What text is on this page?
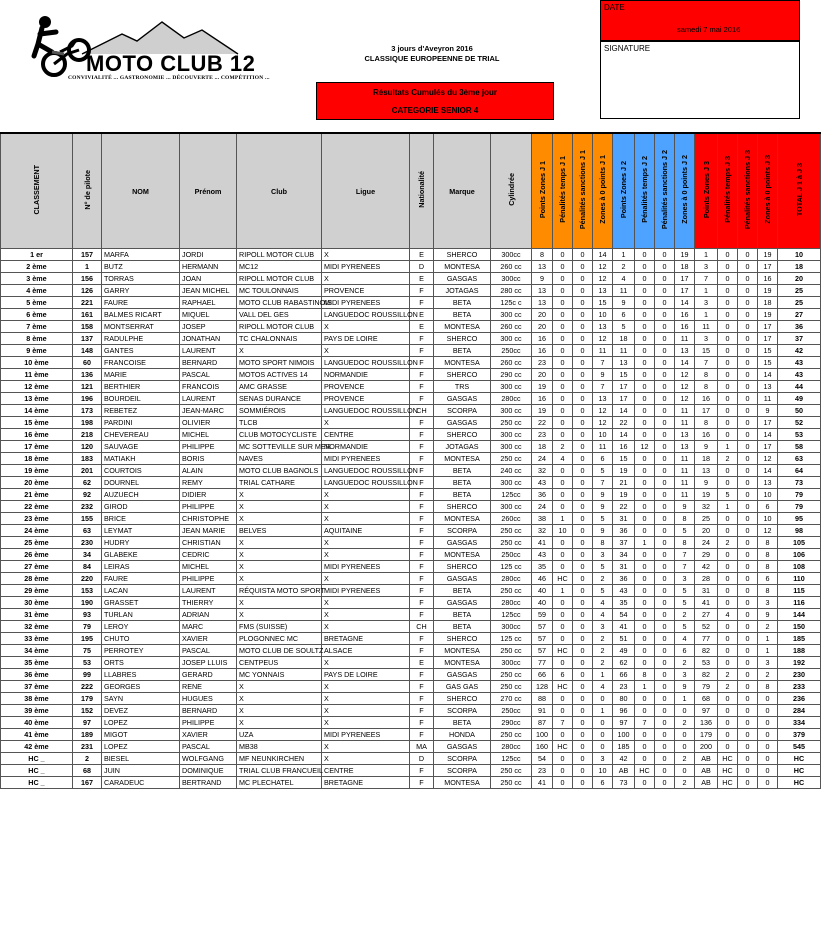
MOTO CLUB 12
CONVIVIALITÉ ... GASTRONOMIE ... DÉCOUVERTE ... COMPÉTITION ...
3 jours d'Aveyron 2016
CLASSIQUE EUROPEENNE DE TRIAL
Résultats Cumulés du 3ème jour
CATEGORIE SENIOR 4
DATE
samedi 7 mai 2016
SIGNATURE
CLASSEMENT	N° de pilote	NOM	Prénom	Club	Ligue	Nationalité	Marque	Cylindrée	Points Zones J 1	Pénalités temps J 1	Pénalités sanctions J 1	Zones à 0 points J 1	Points Zones J 2	Pénalités temps J 2	Pénalités sanctions J 2	Zones à 0 points J 2	Points Zones J 3	Pénalités temps J 3	Pénalités sanctions J 3	Zones à 0 points J 3	TOTAL J 1 à J 3
1 er	157	MARFA	JORDI	RIPOLL MOTOR CLUB	X	E	SHERCO	300cc	8	0	0	14	1	0	0	19	1	0	0	19	10
2 ème	1	BUTZ	HERMANN	MC12	MIDI PYRENEES	D	MONTESA	260 cc	13	0	0	12	2	0	0	18	3	0	0	17	18
3 ème	156	TORRAS	JOAN	RIPOLL MOTOR CLUB	X	E	GASGAS	300cc	9	0	0	12	4	0	0	17	7	0	0	16	20
4 ème	126	GARRY	JEAN MICHEL	MC TOULONNAIS	PROVENCE	F	JOTAGAS	280 cc	13	0	0	13	11	0	0	17	1	0	0	19	25
5 ème	221	FAURE	RAPHAEL	MOTO CLUB RABASTINOIS	MIDI PYRENEES	F	BETA	125c c	13	0	0	15	9	0	0	14	3	0	0	18	25
6 ème	161	BALMES RICART	MIQUEL	VALL DEL GES	LANGUEDOC ROUSSILLON	E	BETA	300 cc	20	0	0	10	6	0	0	16	1	0	0	19	27
7 ème	158	MONTSERRAT	JOSEP	RIPOLL MOTOR CLUB	X	E	MONTESA	260 cc	20	0	0	13	5	0	0	16	11	0	0	17	36
8 ème	137	RADULPHE	JONATHAN	TC CHALONNAIS	PAYS DE LOIRE	F	SHERCO	300 cc	16	0	0	12	18	0	0	11	3	0	0	17	37
9 ème	148	GANTES	LAURENT	X	X	F	BETA	250cc	16	0	0	11	11	0	0	13	15	0	0	15	42
10 ème	60	FRANCOISE	BERNARD	MOTO SPORT NIMOIS	LANGUEDOC ROUSSILLON	F	MONTESA	260 cc	23	0	0	7	13	0	0	14	7	0	0	15	43
11 ème	136	MARIE	PASCAL	MOTOS ACTIVES 14	NORMANDIE	F	SHERCO	290 cc	20	0	0	9	15	0	0	12	8	0	0	14	43
12 ème	121	BERTHIER	FRANCOIS	AMC GRASSE	PROVENCE	F	TRS	300 cc	19	0	0	7	17	0	0	12	8	0	0	13	44
13 ème	196	BOURDEIL	LAURENT	SENAS DURANCE	PROVENCE	F	GASGAS	280cc	16	0	0	13	17	0	0	12	16	0	0	11	49
14 ème	173	REBETEZ	JEAN-MARC	SOMMIÉROIS	LANGUEDOC ROUSSILLON	CH	SCORPA	300 cc	19	0	0	12	14	0	0	11	17	0	0	9	50
15 ème	198	PARDINI	OLIVIER	TLCB	X	F	GASGAS	250 cc	22	0	0	12	22	0	0	11	8	0	0	17	52
16 ème	218	CHEVEREAU	MICHEL	CLUB MOTOCYCLISTE	CENTRE	F	SHERCO	300 cc	23	0	0	10	14	0	0	13	16	0	0	14	53
17 ème	120	SAUVAGE	PHILIPPE	MC SOTTEVILLE SUR MER	NORMANDIE	F	JOTAGAS	300 cc	18	2	0	11	16	12	0	13	9	1	0	17	58
18 ème	183	MATIAKH	BORIS	NAVES	MIDI PYRENEES	F	MONTESA	250 cc	24	4	0	6	15	0	0	11	18	2	0	12	63
19 ème	201	COURTOIS	ALAIN	MOTO CLUB BAGNOLS	LANGUEDOC ROUSSILLON	F	BETA	240 cc	32	0	0	5	19	0	0	11	13	0	0	14	64
20 ème	62	DOURNEL	REMY	TRIAL CATHARE	LANGUEDOC ROUSSILLON	F	BETA	300 cc	43	0	0	7	21	0	0	11	9	0	0	13	73
21 ème	92	AUZUECH	DIDIER	X	X	F	BETA	125cc	36	0	0	9	19	0	0	11	19	5	0	10	79
22 ème	232	GIROD	PHILIPPE	X	X	F	SHERCO	300 cc	24	0	0	9	22	0	0	9	32	1	0	6	79
23 ème	155	BRICE	CHRISTOPHE	X	X	F	MONTESA	260cc	38	1	0	5	31	0	0	8	25	0	0	10	95
24 ème	63	LEYMAT	JEAN MARIE	BELVES	AQUITAINE	F	SCORPA	250 cc	32	10	0	9	36	0	0	5	20	0	0	12	98
25 ème	230	HUDRY	CHRISTIAN	X	X	F	GASGAS	250 cc	41	0	0	8	37	1	0	8	24	2	0	8	105
26 ème	34	GLABEKE	CEDRIC	X	X	F	MONTESA	250cc	43	0	0	3	34	0	0	7	29	0	0	8	106
27 ème	84	LEIRAS	MICHEL	X	MIDI PYRENEES	F	SHERCO	125 cc	35	0	0	5	31	0	0	7	42	0	0	8	108
28 ème	220	FAURE	PHILIPPE	X	X	F	GASGAS	280cc	46	HC	0	2	36	0	0	3	28	0	0	6	110
29 ème	153	LACAN	LAURENT	RÉQUISTA MOTO SPORT	MIDI PYRENEES	F	BETA	250 cc	40	1	0	5	43	0	0	5	31	0	0	8	115
30 ème	190	GRASSET	THIERRY	X	X	F	GASGAS	280cc	40	0	0	4	35	0	0	5	41	0	0	3	116
31 ème	93	TURLAN	ADRIAN	X	X	F	BETA	125cc	59	0	0	4	54	0	0	2	27	4	0	9	144
32 ème	79	LEROY	MARC	FMS (SUISSE)	X	CH	BETA	300cc	57	0	0	3	41	0	0	5	52	0	0	2	150
33 ème	195	CHUTO	XAVIER	PLOGONNEC MC	BRETAGNE	F	SHERCO	125 cc	57	0	0	2	51	0	0	4	77	0	0	1	185
34 ème	75	PERROTEY	PASCAL	MOTO CLUB DE SOULTZ	ALSACE	F	MONTESA	250 cc	57	HC	0	2	49	0	0	6	82	0	0	1	188
35 ème	53	ORTS	JOSEP LLUIS	CENTPEUS	X	E	MONTESA	300cc	77	0	0	2	62	0	0	2	53	0	0	3	192
36 ème	99	LLABRES	GERARD	MC YONNAIS	PAYS DE LOIRE	F	GASGAS	250 cc	66	6	0	1	66	8	0	3	82	2	0	2	230
37 ème	222	GEORGES	RENE	X	X	F	GAS GAS	250 cc	128	HC	0	4	23	1	0	9	79	2	0	8	233
38 ème	179	SAYN	HUGUES	X	X	F	SHERCO	270 cc	88	0	0	0	80	0	0	1	68	0	0	0	236
39 ème	152	DEVEZ	BERNARD	X	X	F	SCORPA	250cc	91	0	0	1	96	0	0	0	97	0	0	0	284
40 ème	97	LOPEZ	PHILIPPE	X	X	F	BETA	290cc	87	7	0	0	97	7	0	2	136	0	0	0	334
41 ème	189	MIGOT	XAVIER	UZA	MIDI PYRENEES	F	HONDA	250 cc	100	0	0	0	100	0	0	0	179	0	0	0	379
42 ème	231	LOPEZ	PASCAL	MB38	X	MA	GASGAS	280cc	160	HC	0	0	185	0	0	0	200	0	0	0	545
HC _	2	BIESEL	WOLFGANG	MF NEUNKIRCHEN	X	D	SCORPA	125cc	54	0	0	3	42	0	0	2	AB	HC	0	0	HC
HC _	68	JUIN	DOMINIQUE	TRIAL CLUB FRANCUEIL	CENTRE	F	SCORPA	250 cc	23	0	0	10	AB	HC	0	0	AB	HC	0	0	HC
HC _	167	CARADEUC	BERTRAND	MC PLECHATEL	BRETAGNE	F	MONTESA	250 cc	41	0	0	6	73	0	0	2	AB	HC	0	0	HC
